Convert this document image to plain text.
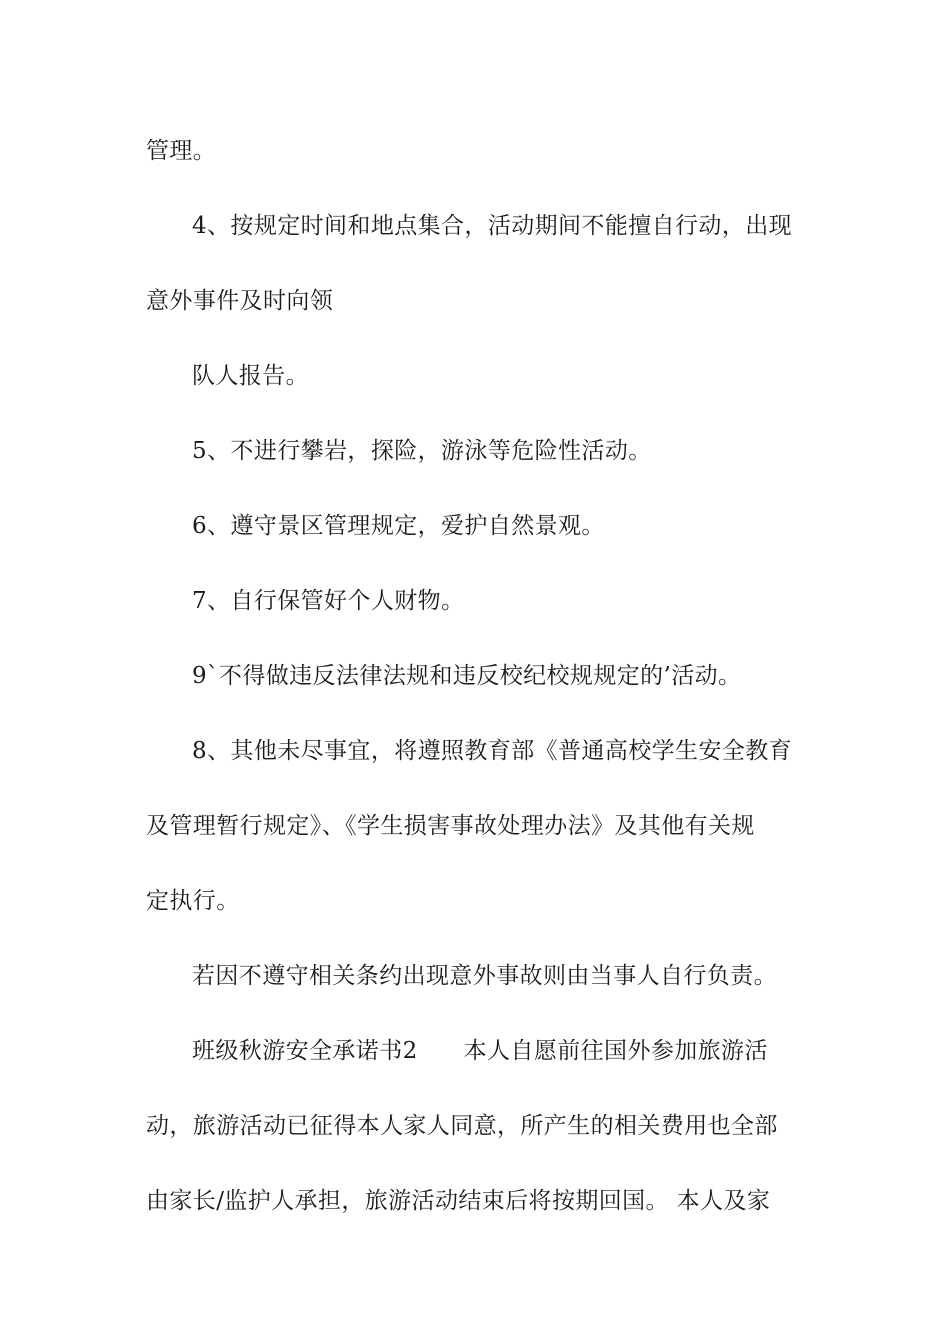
管理。
4、按规定时间和地点集合，活动期间不能擅自行动，出现
意外事件及时向领
队人报告。
5、不进行攀岩，探险，游泳等危险性活动。
6、遵守景区管理规定，爱护自然景观。
7、自行保管好个人财物。
9`不得做违反法律法规和违反校纪校规规定的’活动。
8、其他未尽事宜，将遵照教育部《普通高校学生安全教育
及管理暂行规定》、《学生损害事故处理办法》及其他有关规
定执行。
若因不遵守相关条约出现意外事故则由当事人自行负责。
班级秋游安全承诺书2 本人自愿前往国外参加旅游活
动，旅游活动已征得本人家人同意，所产生的相关费用也全部
由家长/监护人承担，旅游活动结束后将按期回国。 本人及家
